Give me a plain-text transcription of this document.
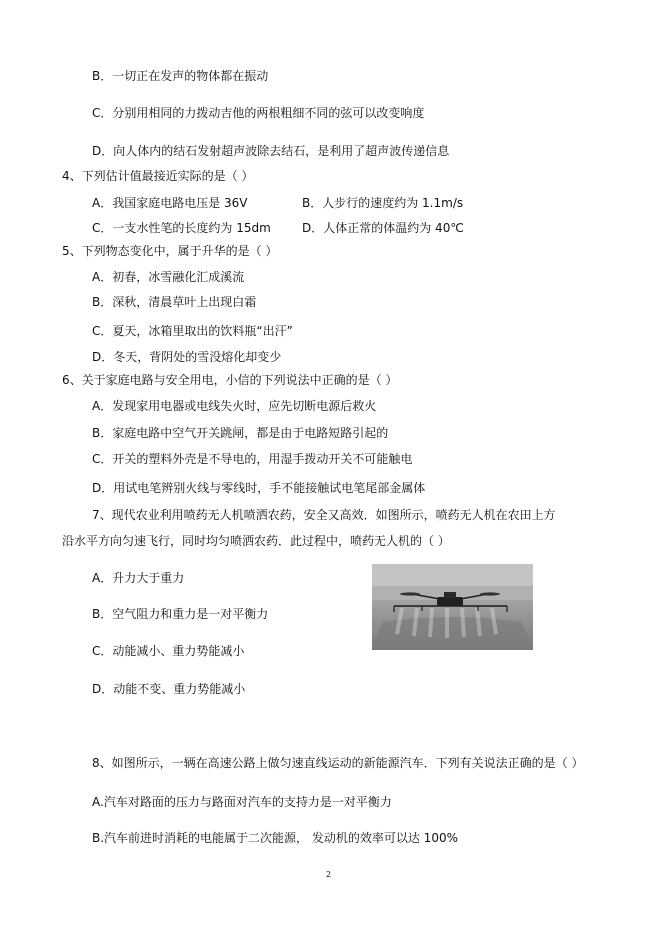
B．一切正在发声的物体都在振动
C．分别用相同的力拨动吉他的两根粗细不同的弦可以改变响度
D．向人体内的结石发射超声波除去结石，是利用了超声波传递信息
4、下列估计值最接近实际的是（ ）
A．我国家庭电路电压是 36V	B．人步行的速度约为 1.1m/s
C．一支水性笔的长度约为 15dm	D．人体正常的体温约为 40℃
5、下列物态变化中，属于升华的是（ ）
A．初春，冰雪融化汇成溪流
B．深秋，清晨草叶上出现白霜
C．夏天，冰箱里取出的饮料瓶“出汗”
D．冬天，背阴处的雪没熔化却变少
6、关于家庭电路与安全用电，小信的下列说法中正确的是（ ）
A．发现家用电器或电线失火时，应先切断电源后救火
B．家庭电路中空气开关跳闸，都是由于电路短路引起的
C．开关的塑料外壳是不导电的，用湿手拨动开关不可能触电
D．用试电笔辨别火线与零线时，手不能接触试电笔尾部金属体
7、现代农业利用喷药无人机喷洒农药，安全又高效．如图所示，喷药无人机在农田上方
沿水平方向匀速飞行，同时均匀喷洒农药．此过程中，喷药无人机的（ ）
A．升力大于重力
B．空气阻力和重力是一对平衡力
C．动能减小、重力势能减小
D．动能不变、重力势能减小
8、如图所示，一辆在高速公路上做匀速直线运动的新能源汽车．下列有关说法正确的是（ ）
A.汽车对路面的压力与路面对汽车的支持力是一对平衡力
B.汽车前进时消耗的电能属于二次能源， 发动机的效率可以达 100%
2
